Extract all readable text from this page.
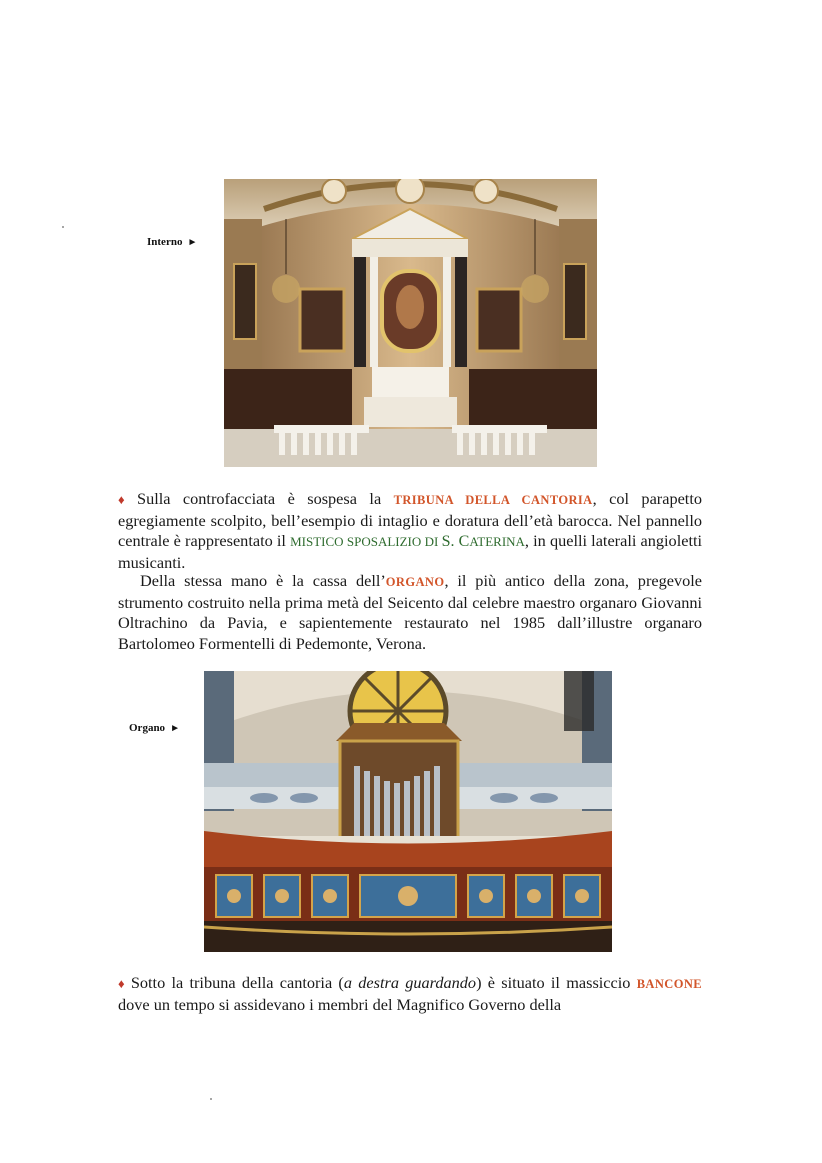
Interno ►

♦ Sulla controfacciata è sospesa la TRIBUNA DELLA CANTORIA, col parapetto egregiamente scolpito, bell’esempio di intaglio e doratura dell’età barocca. Nel pannello centrale è rappresentato il MISTICO SPOSALIZIO DI S. CATERINA, in quelli laterali angioletti musicanti.

Della stessa mano è la cassa dell’ORGANO, il più antico della zona, pregevole strumento costruito nella prima metà del Seicento dal celebre maestro organaro Giovanni Oltrachino da Pavia, e sapientemente restaurato nel 1985 dall’illustre organaro Bartolomeo Formentelli di Pedemonte, Verona.

Organo ►

♦ Sotto la tribuna della cantoria (a destra guardando) è situato il massiccio BANCONE dove un tempo si assidevano i membri del Magnifico Governo della
